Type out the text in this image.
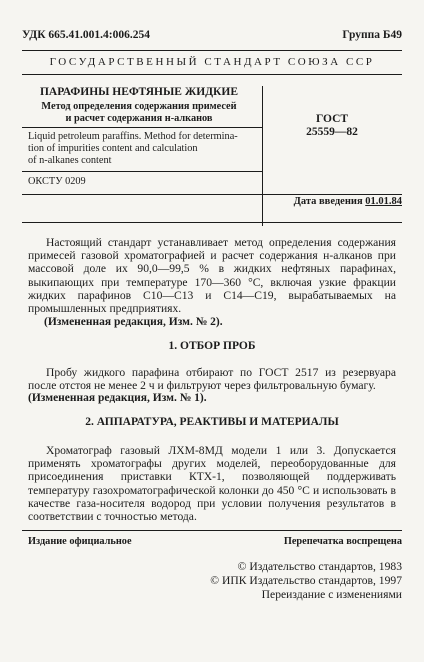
УДК 665.41.001.4:006.254	Группа Б49
ГОСУДАРСТВЕННЫЙ СТАНДАРТ СОЮЗА ССР
ПАРАФИНЫ НЕФТЯНЫЕ ЖИДКИЕ
Метод определения содержания примесей
и расчет содержания н-алканов	ГОСТ
25559—82
Liquid petroleum paraffins. Method for determina-
tion of impurities content and calculation
of n-alkanes content
ОКСТУ 0209
Дата введения 01.01.84
Настоящий стандарт устанавливает метод определения содержания примесей газовой хроматографией и расчет содержания н-алканов при массовой доле их 90,0—99,5 % в жидких нефтяных парафинах, выкипающих при температуре 170—360 °С, включая узкие фракции жидких парафинов С10—С13 и С14—С19, вырабатываемых на промышленных предприятиях.
(Измененная редакция, Изм. № 2).
1. ОТБОР ПРОБ
Пробу жидкого парафина отбирают по ГОСТ 2517 из резервуара после отстоя не менее 2 ч и фильтруют через фильтровальную бумагу.
(Измененная редакция, Изм. № 1).
2. АППАРАТУРА, РЕАКТИВЫ И МАТЕРИАЛЫ
Хроматограф газовый ЛХМ-8МД модели 1 или 3. Допускается применять хроматографы других моделей, переоборудованные для присоединения приставки КТХ-1, позволяющей поддерживать температуру газохроматографической колонки до 450 °С и использовать в качестве газа-носителя водород при условии получения результатов в соответствии с точностью метода.
Издание официальное	Перепечатка воспрещена
© Издательство стандартов, 1983
© ИПК Издательство стандартов, 1997
Переиздание с изменениями
